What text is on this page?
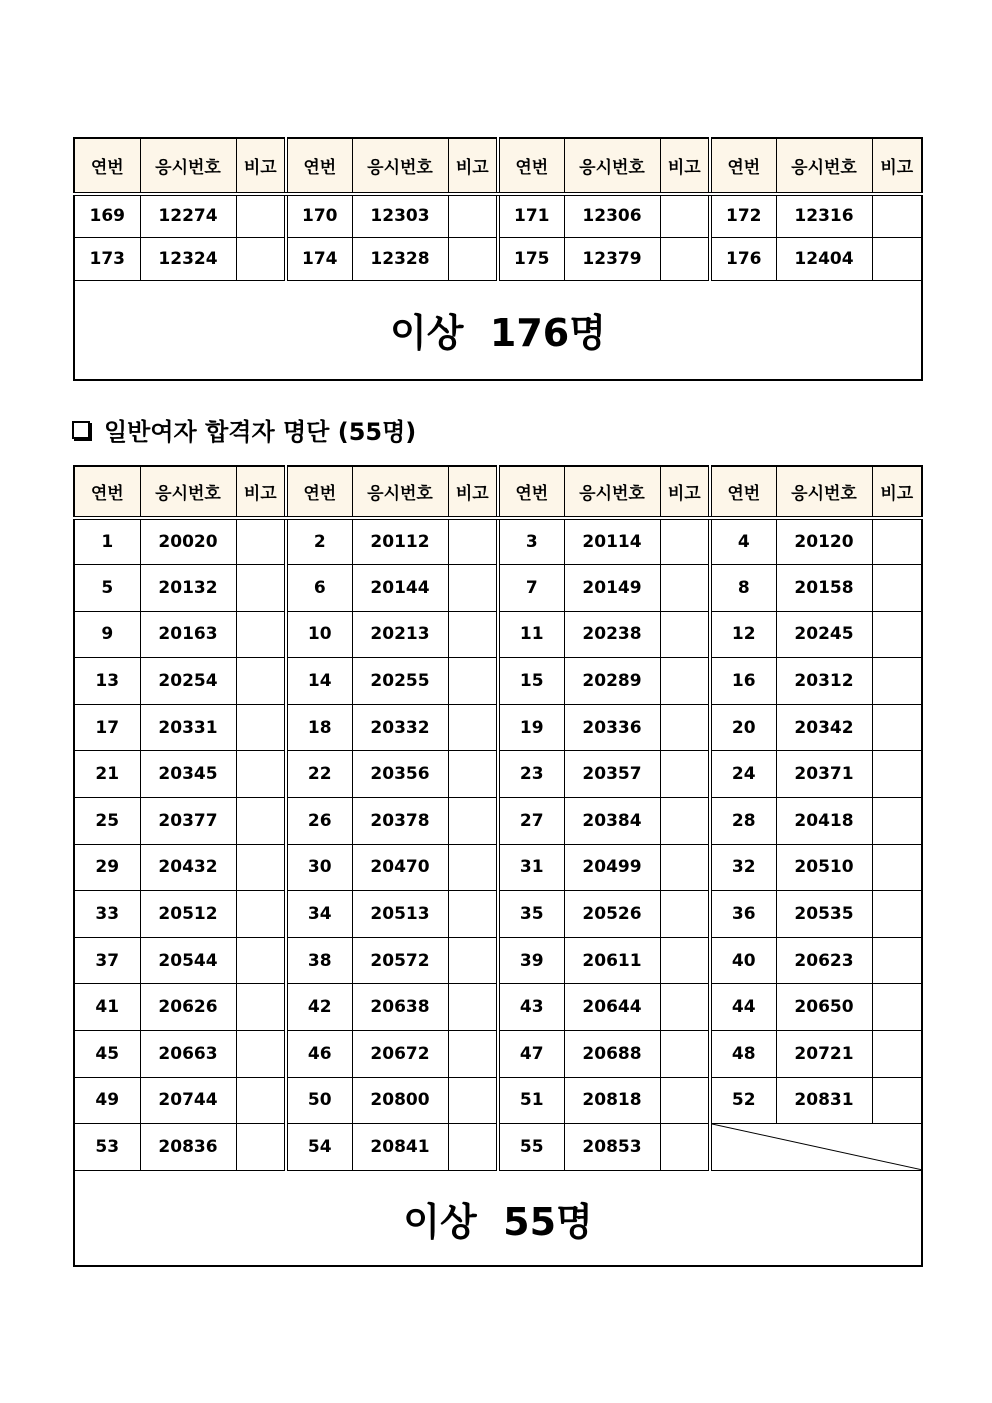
연번	응시번호	비고	연번	응시번호	비고	연번	응시번호	비고	연번	응시번호	비고
169	12274		170	12303		171	12306		172	12316	
173	12324		174	12328		175	12379		176	12404	
이상  176명											
일반여자 합격자 명단 (55명)
연번	응시번호	비고	연번	응시번호	비고	연번	응시번호	비고	연번	응시번호	비고
1	20020		2	20112		3	20114		4	20120	
5	20132		6	20144		7	20149		8	20158	
9	20163		10	20213		11	20238		12	20245	
13	20254		14	20255		15	20289		16	20312	
17	20331		18	20332		19	20336		20	20342	
21	20345		22	20356		23	20357		24	20371	
25	20377		26	20378		27	20384		28	20418	
29	20432		30	20470		31	20499		32	20510	
33	20512		34	20513		35	20526		36	20535	
37	20544		38	20572		39	20611		40	20623	
41	20626		42	20638		43	20644		44	20650	
45	20663		46	20672		47	20688		48	20721	
49	20744		50	20800		51	20818		52	20831	
53	20836		54	20841		55	20853		

이상  55명											
